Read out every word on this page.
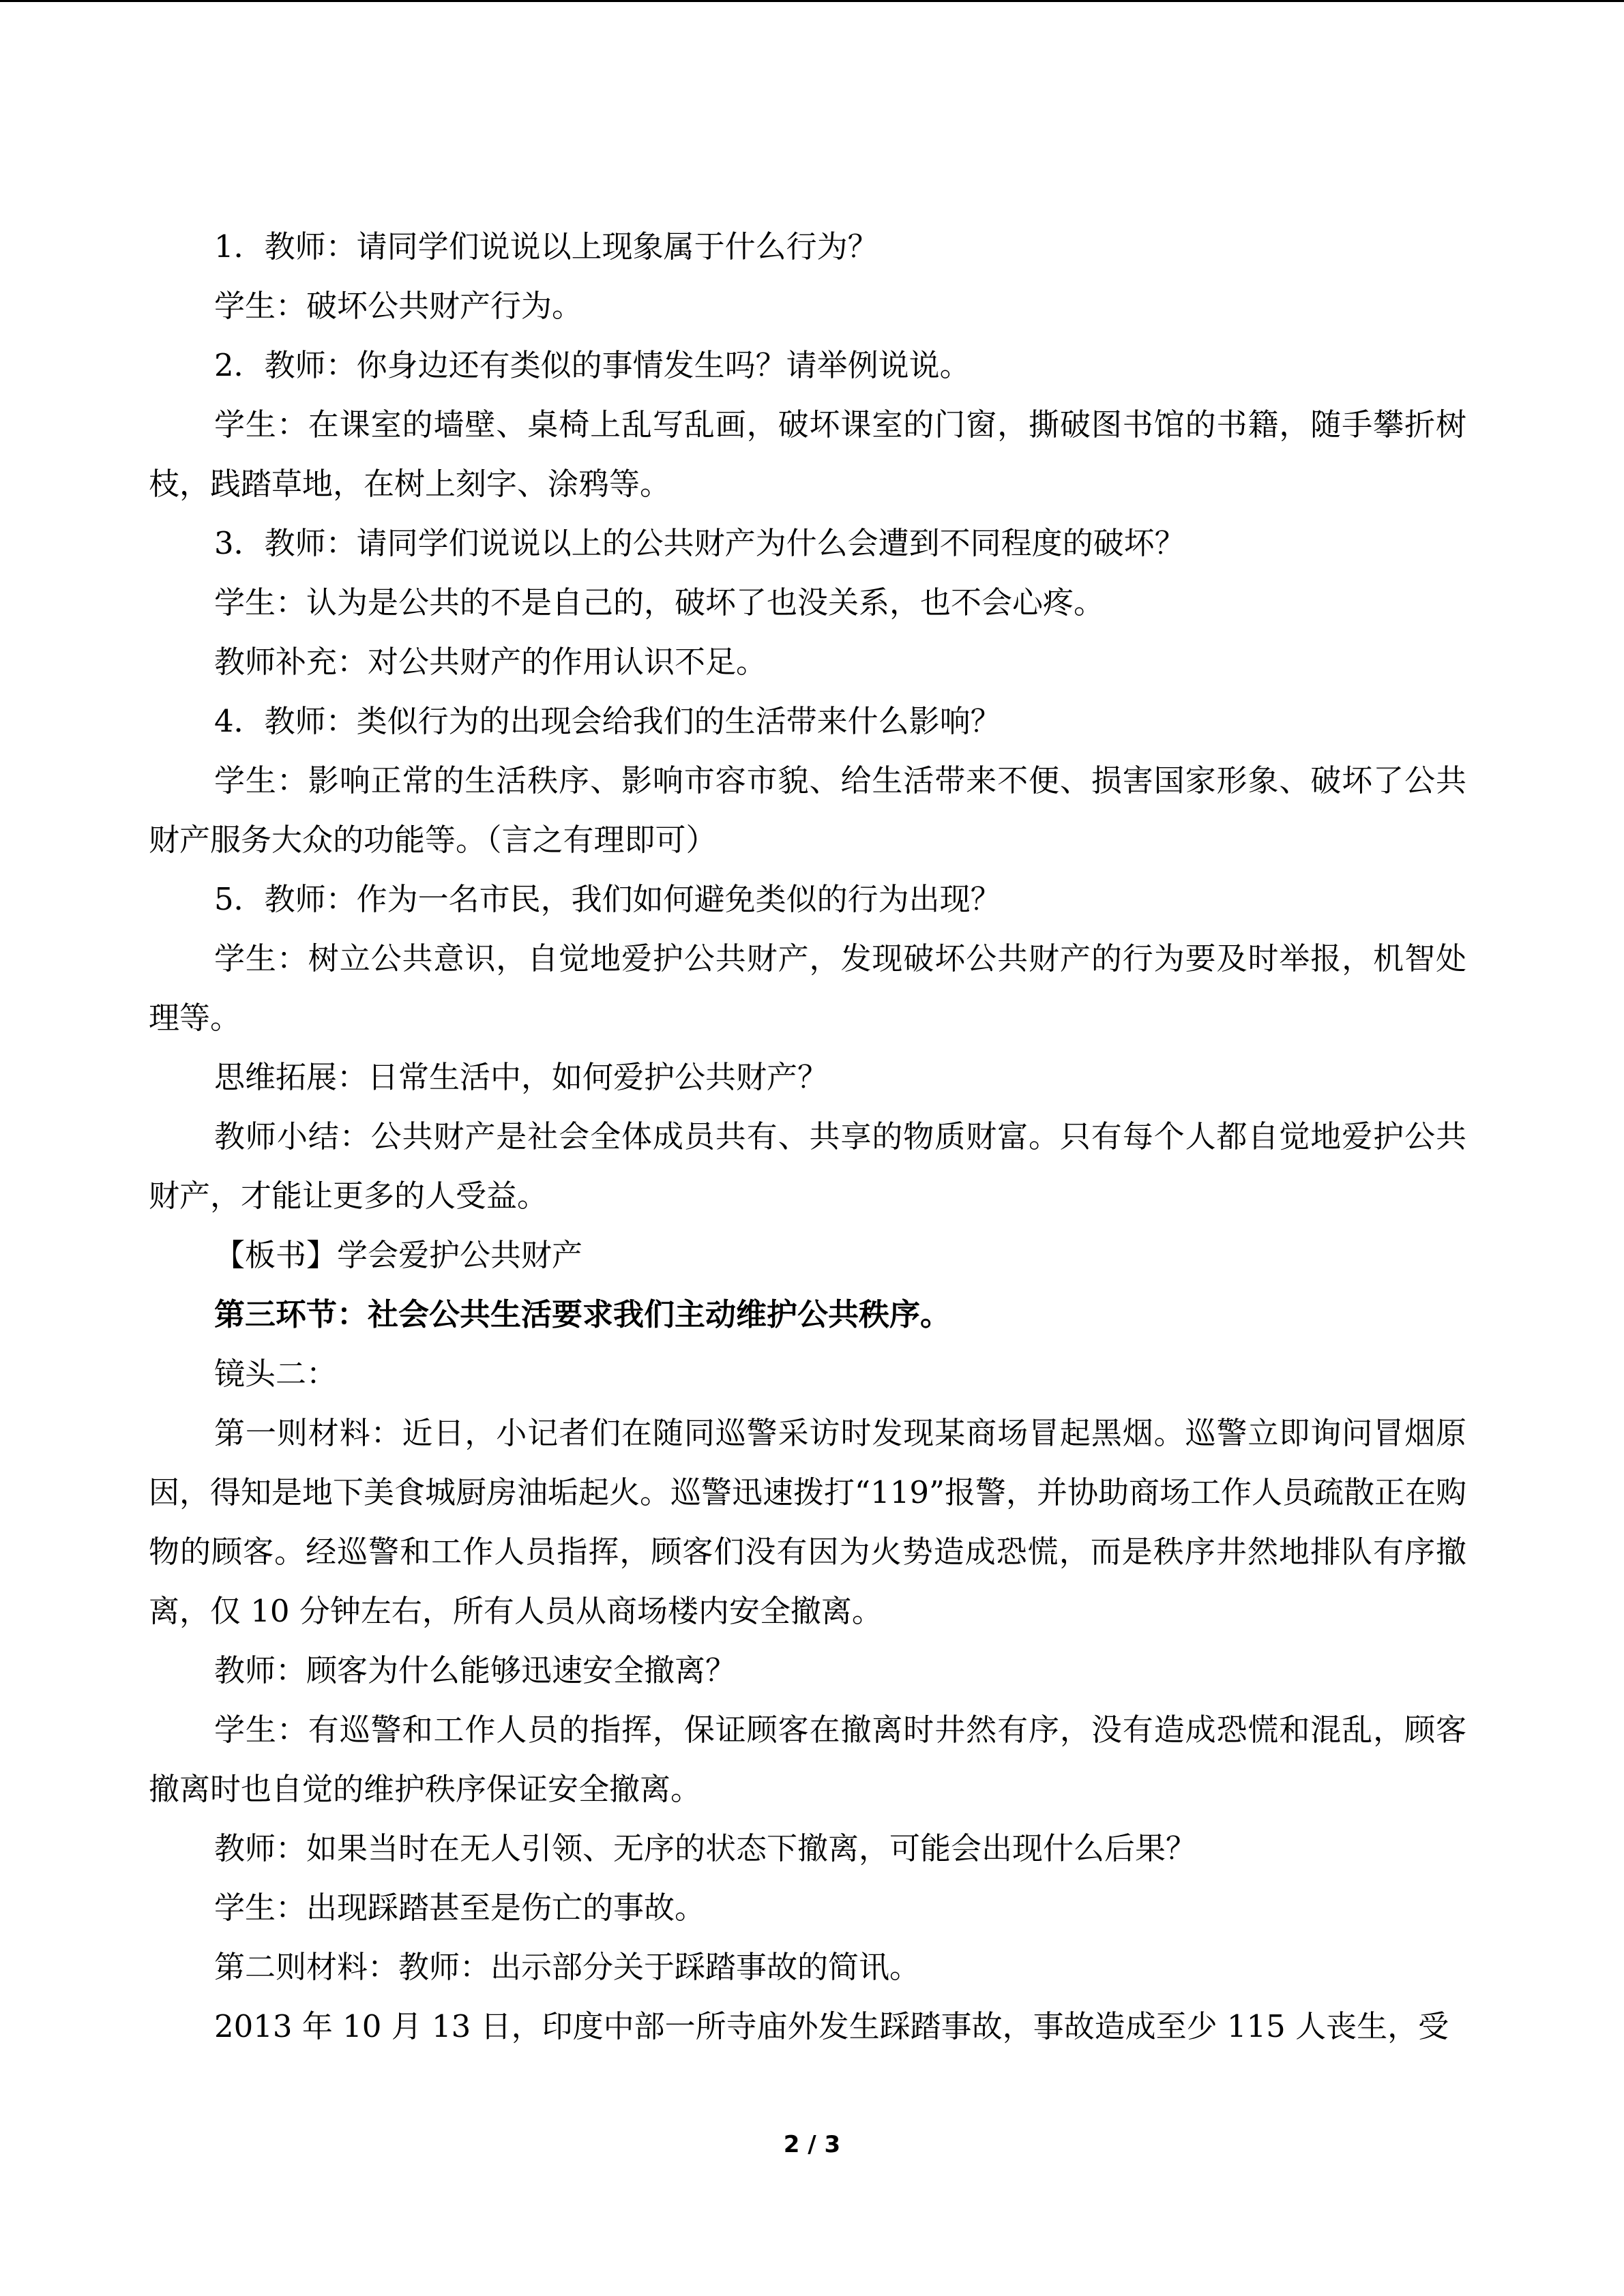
1．教师：请同学们说说以上现象属于什么行为？

学生：破坏公共财产行为。

2．教师：你身边还有类似的事情发生吗？请举例说说。

学生：在课室的墙壁、桌椅上乱写乱画，破坏课室的门窗，撕破图书馆的书籍，随手攀折树枝，践踏草地，在树上刻字、涂鸦等。

3．教师：请同学们说说以上的公共财产为什么会遭到不同程度的破坏？

学生：认为是公共的不是自己的，破坏了也没关系，也不会心疼。

教师补充：对公共财产的作用认识不足。

4．教师：类似行为的出现会给我们的生活带来什么影响？

学生：影响正常的生活秩序、影响市容市貌、给生活带来不便、损害国家形象、破坏了公共财产服务大众的功能等。（言之有理即可）

5．教师：作为一名市民，我们如何避免类似的行为出现？

学生：树立公共意识，自觉地爱护公共财产，发现破坏公共财产的行为要及时举报，机智处理等。

思维拓展：日常生活中，如何爱护公共财产？

教师小结：公共财产是社会全体成员共有、共享的物质财富。只有每个人都自觉地爱护公共财产，才能让更多的人受益。

【板书】学会爱护公共财产

第三环节：社会公共生活要求我们主动维护公共秩序。

镜头二：

第一则材料：近日，小记者们在随同巡警采访时发现某商场冒起黑烟。巡警立即询问冒烟原因，得知是地下美食城厨房油垢起火。巡警迅速拨打“119”报警，并协助商场工作人员疏散正在购物的顾客。经巡警和工作人员指挥，顾客们没有因为火势造成恐慌，而是秩序井然地排队有序撤离，仅 10 分钟左右，所有人员从商场楼内安全撤离。

教师：顾客为什么能够迅速安全撤离？

学生：有巡警和工作人员的指挥，保证顾客在撤离时井然有序，没有造成恐慌和混乱，顾客撤离时也自觉的维护秩序保证安全撤离。

教师：如果当时在无人引领、无序的状态下撤离，可能会出现什么后果？

学生：出现踩踏甚至是伤亡的事故。

第二则材料：教师：出示部分关于踩踏事故的简讯。

2013 年 10 月 13 日，印度中部一所寺庙外发生踩踏事故，事故造成至少 115 人丧生，受

2 / 3
